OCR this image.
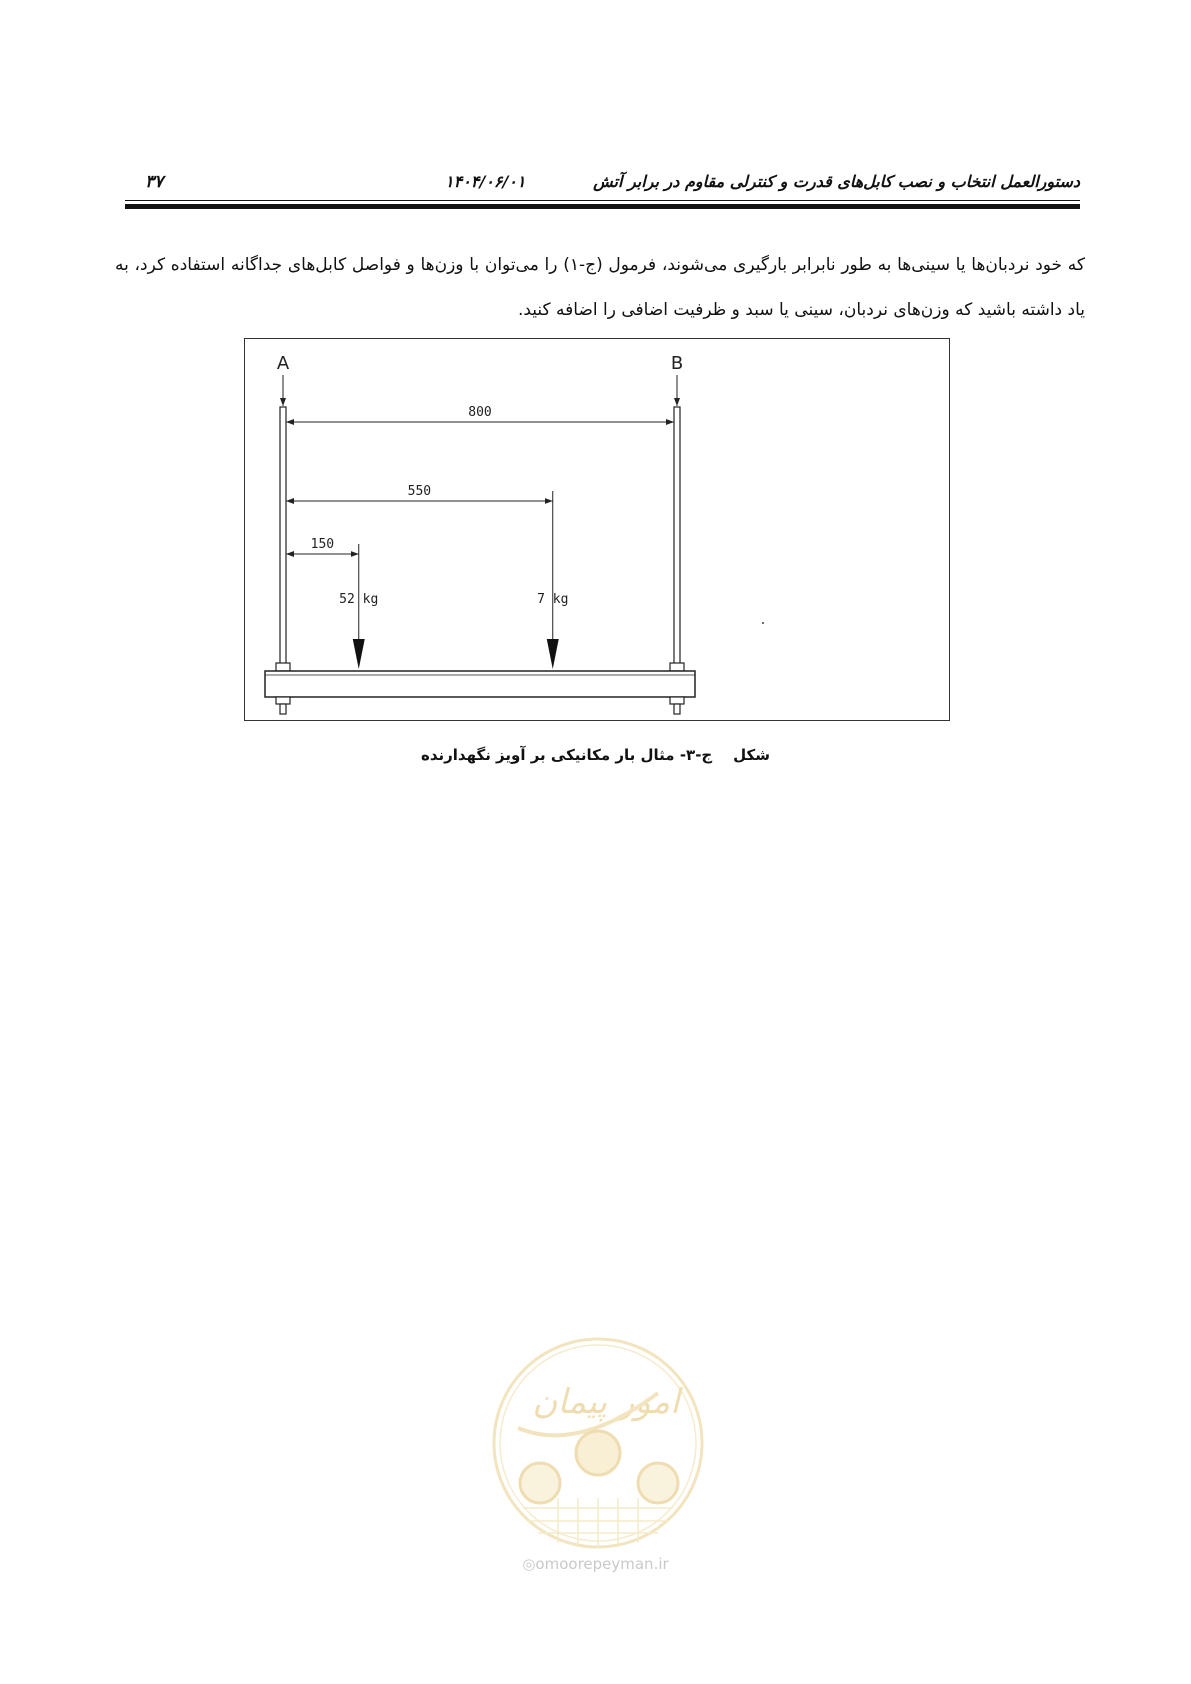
دستورالعمل انتخاب و نصب کابل‌های قدرت و کنترلی مقاوم در برابر آتش
۱۴۰۴/۰۶/۰۱
۳۷
که خود نردبان‌ها یا سینی‌ها به طور نابرابر بارگیری می‌شوند، فرمول (ج-۱) را می‌توان با وزن‌ها و فواصل کابل‌های جداگانه استفاده کرد، به یاد داشته باشید که وزن‌های نردبان، سینی یا سبد و ظرفیت اضافی را اضافه کنید.
A	B
800
550
150
52 kg	7 kg
شکل    ج-۳- مثال بار مکانیکی بر آویز نگهدارنده
امور پیمان
◎omoorepeyman.ir
